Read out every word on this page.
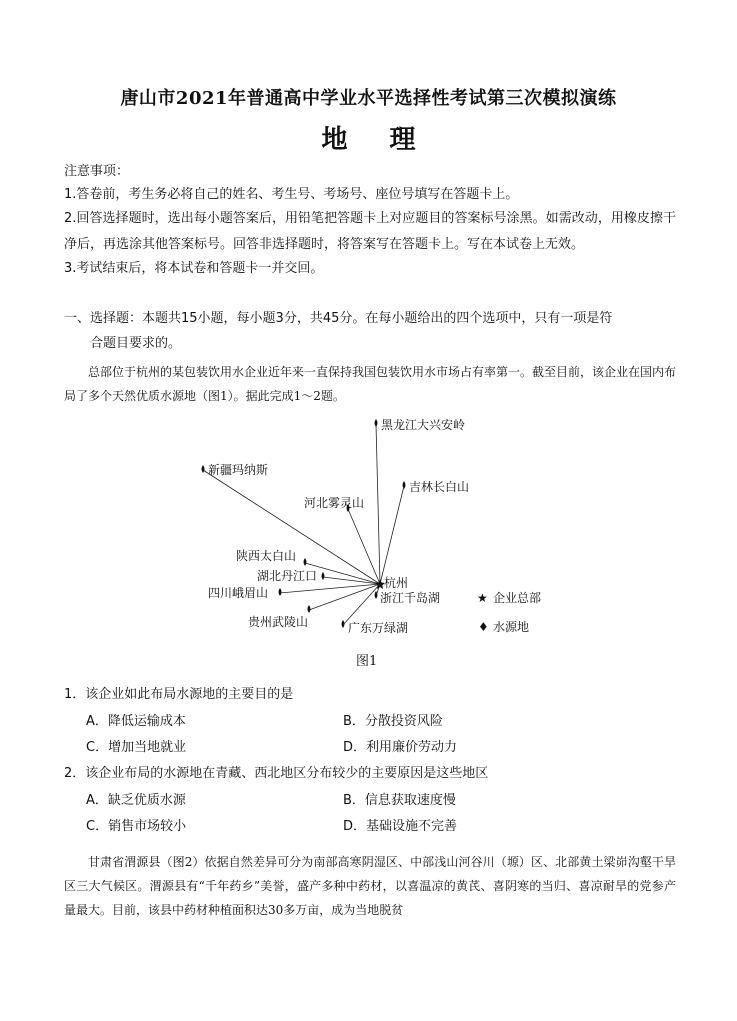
唐山市2021年普通高中学业水平选择性考试第三次模拟演练
地理
注意事项：
1.答卷前，考生务必将自己的姓名、考生号、考场号、座位号填写在答题卡上。
2.回答选择题时，选出每小题答案后，用铅笔把答题卡上对应题目的答案标号涂黑。如需改动，用橡皮擦干净后，再选涂其他答案标号。回答非选择题时，将答案写在答题卡上。写在本试卷上无效。
3.考试结束后，将本试卷和答题卡一并交回。
一、选择题：本题共15小题，每小题3分，共45分。在每小题给出的四个选项中，只有一项是符
合题目要求的。
总部位于杭州的某包装饮用水企业近年来一直保持我国包装饮用水市场占有率第一。截至目前，该企业在国内布局了多个天然优质水源地（图1）。据此完成1～2题。
黑龙江大兴安岭
新疆玛纳斯
吉林长白山
河北雾灵山
陕西太白山
湖北丹江口
四川峨眉山
贵州武陵山	广东万绿湖
浙江千岛湖
杭州
★ 企业总部
♦ 水源地
图1
1．该企业如此布局水源地的主要目的是
A．降低运输成本	B．分散投资风险
C．增加当地就业	D．利用廉价劳动力
2．该企业布局的水源地在青藏、西北地区分布较少的主要原因是这些地区
A．缺乏优质水源	B．信息获取速度慢
C．销售市场较小	D．基础设施不完善
甘肃省渭源县（图2）依据自然差异可分为南部高寒阴湿区、中部浅山河谷川（塬）区、北部黄土梁峁沟壑干旱区三大气候区。渭源县有“千年药乡”美誉，盛产多种中药材，以喜温凉的黄芪、喜阴寒的当归、喜凉耐旱的党参产量最大。目前，该县中药材种植面积达30多万亩，成为当地脱贫
